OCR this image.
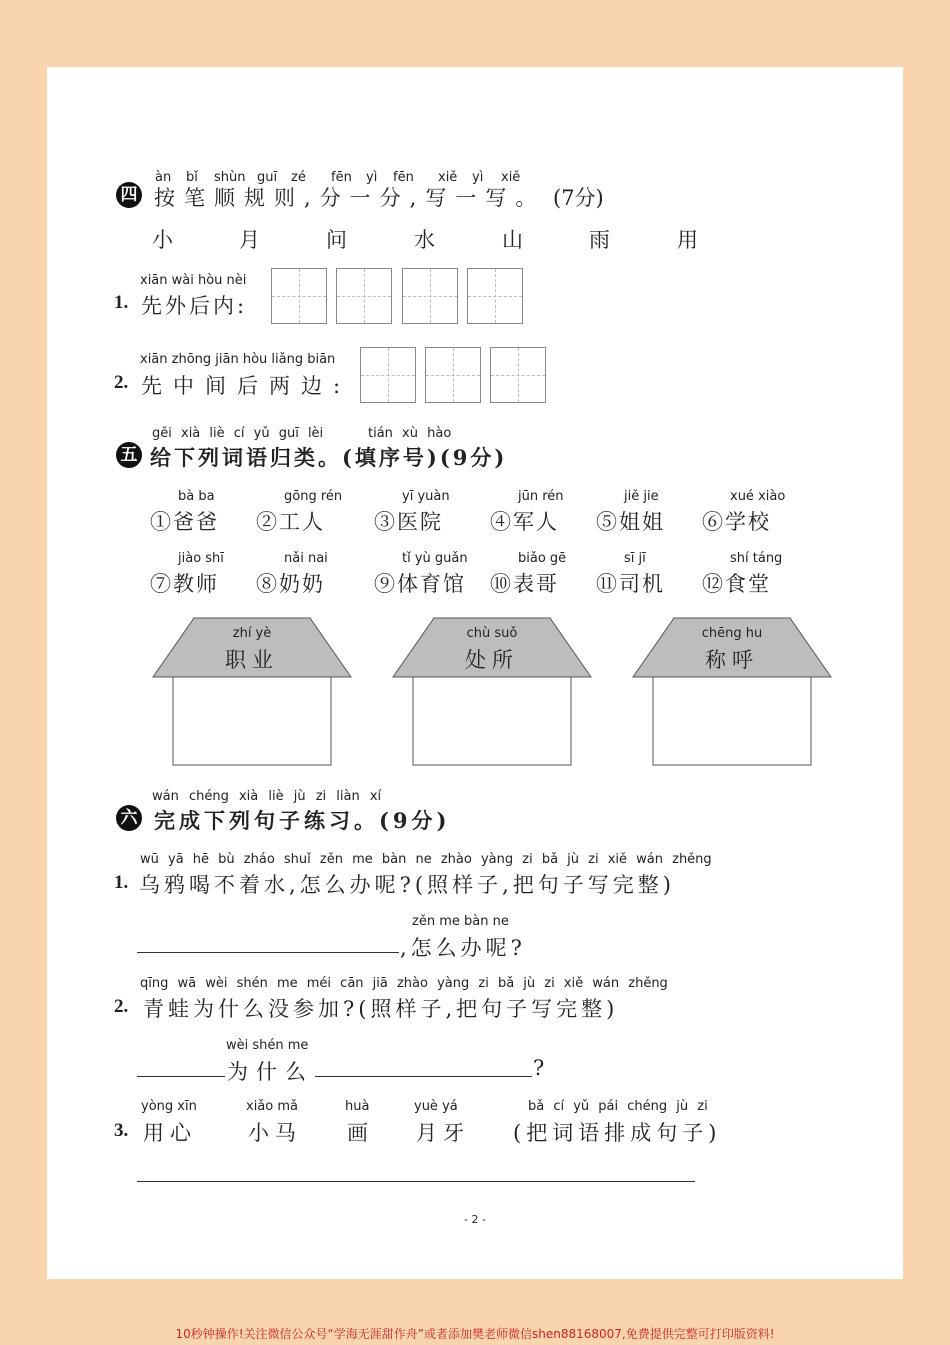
四
àn bǐ shùn guī zé fēn yì fēn xiě yì xiě
按笔顺规则,分一分,写一写。 (7分)
小	月	问	水	山	雨	用
xiān wài hòu nèi
1. 先外后内:
xiān zhōng jiān hòu liǎng biān
2. 先中间后两边:
gěi xià liè cí yǔ guī lèi	tián xù hào
五 给下列词语归类。(填序号)(9分)
bà ba
①爸爸
gōng rén
②工人
yī yuàn
③医院
jūn rén
④军人
jiě jie
⑤姐姐
xué xiào
⑥学校
jiào shī
⑦教师
nǎi nai
⑧奶奶
tǐ yù guǎn
⑨体育馆
biǎo gē
⑩表哥
sī jī
⑪司机
shí táng
⑫食堂
zhí yè
职业
chù suǒ
处所
chēng hu
称呼
wán chéng xià liè jù zi liàn xí
六 完成下列句子练习。(9分)
wū yā hē bù zháo shuǐ zěn me bàn ne zhào yàng zi bǎ jù zi xiě wán zhěng
1. 乌鸦喝不着水,怎么办呢?(照样子,把句子写完整)
zěn me bàn ne
,怎么办呢?
qīng wā wèi shén me méi cān jiā zhào yàng zi bǎ jù zi xiě wán zhěng
2. 青蛙为什么没参加?(照样子,把句子写完整)
wèi shén me
为什么	?
3.
yòng xīn
用心
xiǎo mǎ
小马
huà
画
yuè yá
月牙
bǎ cí yǔ pái chéng jù zi
(把词语排成句子)
- 2 -
10秒钟操作!关注微信公众号“学海无涯甜作舟”或者添加樊老师微信shen88168007,免费提供完整可打印版资料!
